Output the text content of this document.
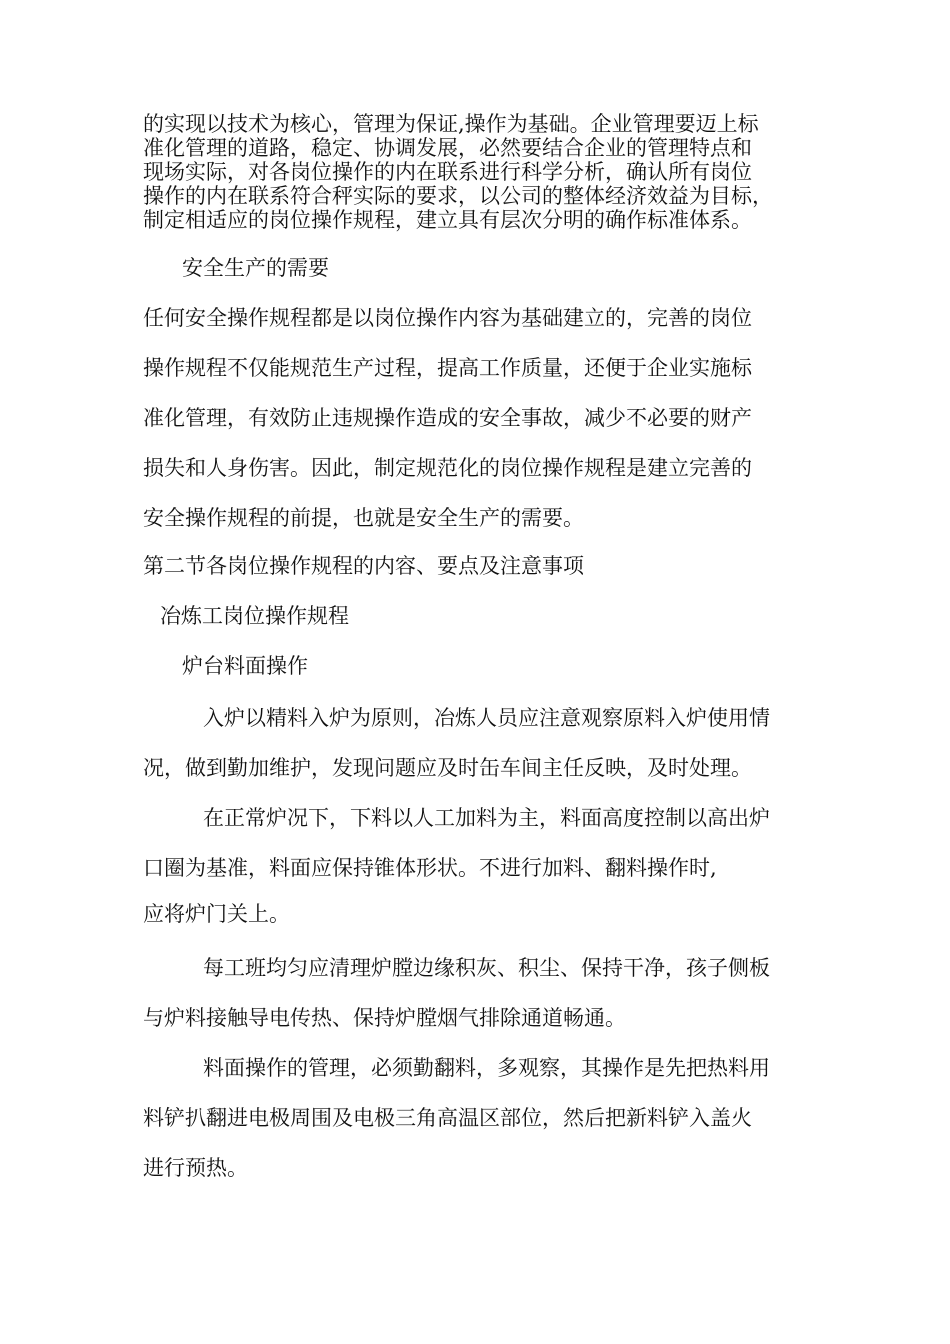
的实现以技术为核心，管理为保证,操作为基础。企业管理要迈上标
准化管理的道路，稳定、协调发展，必然要结合企业的管理特点和
现场实际，对各岗位操作的内在联系进行科学分析，确认所有岗位
操作的内在联系符合秤实际的要求，以公司的整体经济效益为目标，
制定相适应的岗位操作规程，建立具有层次分明的确作标准体系。
安全生产的需要
任何安全操作规程都是以岗位操作内容为基础建立的，完善的岗位
操作规程不仅能规范生产过程，提高工作质量，还便于企业实施标
准化管理，有效防止违规操作造成的安全事故，减少不必要的财产
损失和人身伤害。因此，制定规范化的岗位操作规程是建立完善的
安全操作规程的前提，也就是安全生产的需要。
第二节各岗位操作规程的内容、要点及注意事项
冶炼工岗位操作规程
炉台料面操作
入炉以精料入炉为原则，冶炼人员应注意观察原料入炉使用情
况，做到勤加维护，发现问题应及时缶车间主任反映，及时处理。
在正常炉况下，下料以人工加料为主，料面高度控制以高出炉
口圈为基准，料面应保持锥体形状。不进行加料、翻料操作时,
应将炉门关上。
每工班均匀应清理炉膛边缘积灰、积尘、保持干净，孩子侧板
与炉料接触导电传热、保持炉膛烟气排除通道畅通。
料面操作的管理，必须勤翻料，多观察，其操作是先把热料用
料铲扒翻进电极周围及电极三角高温区部位，然后把新料铲入盖火
进行预热。
